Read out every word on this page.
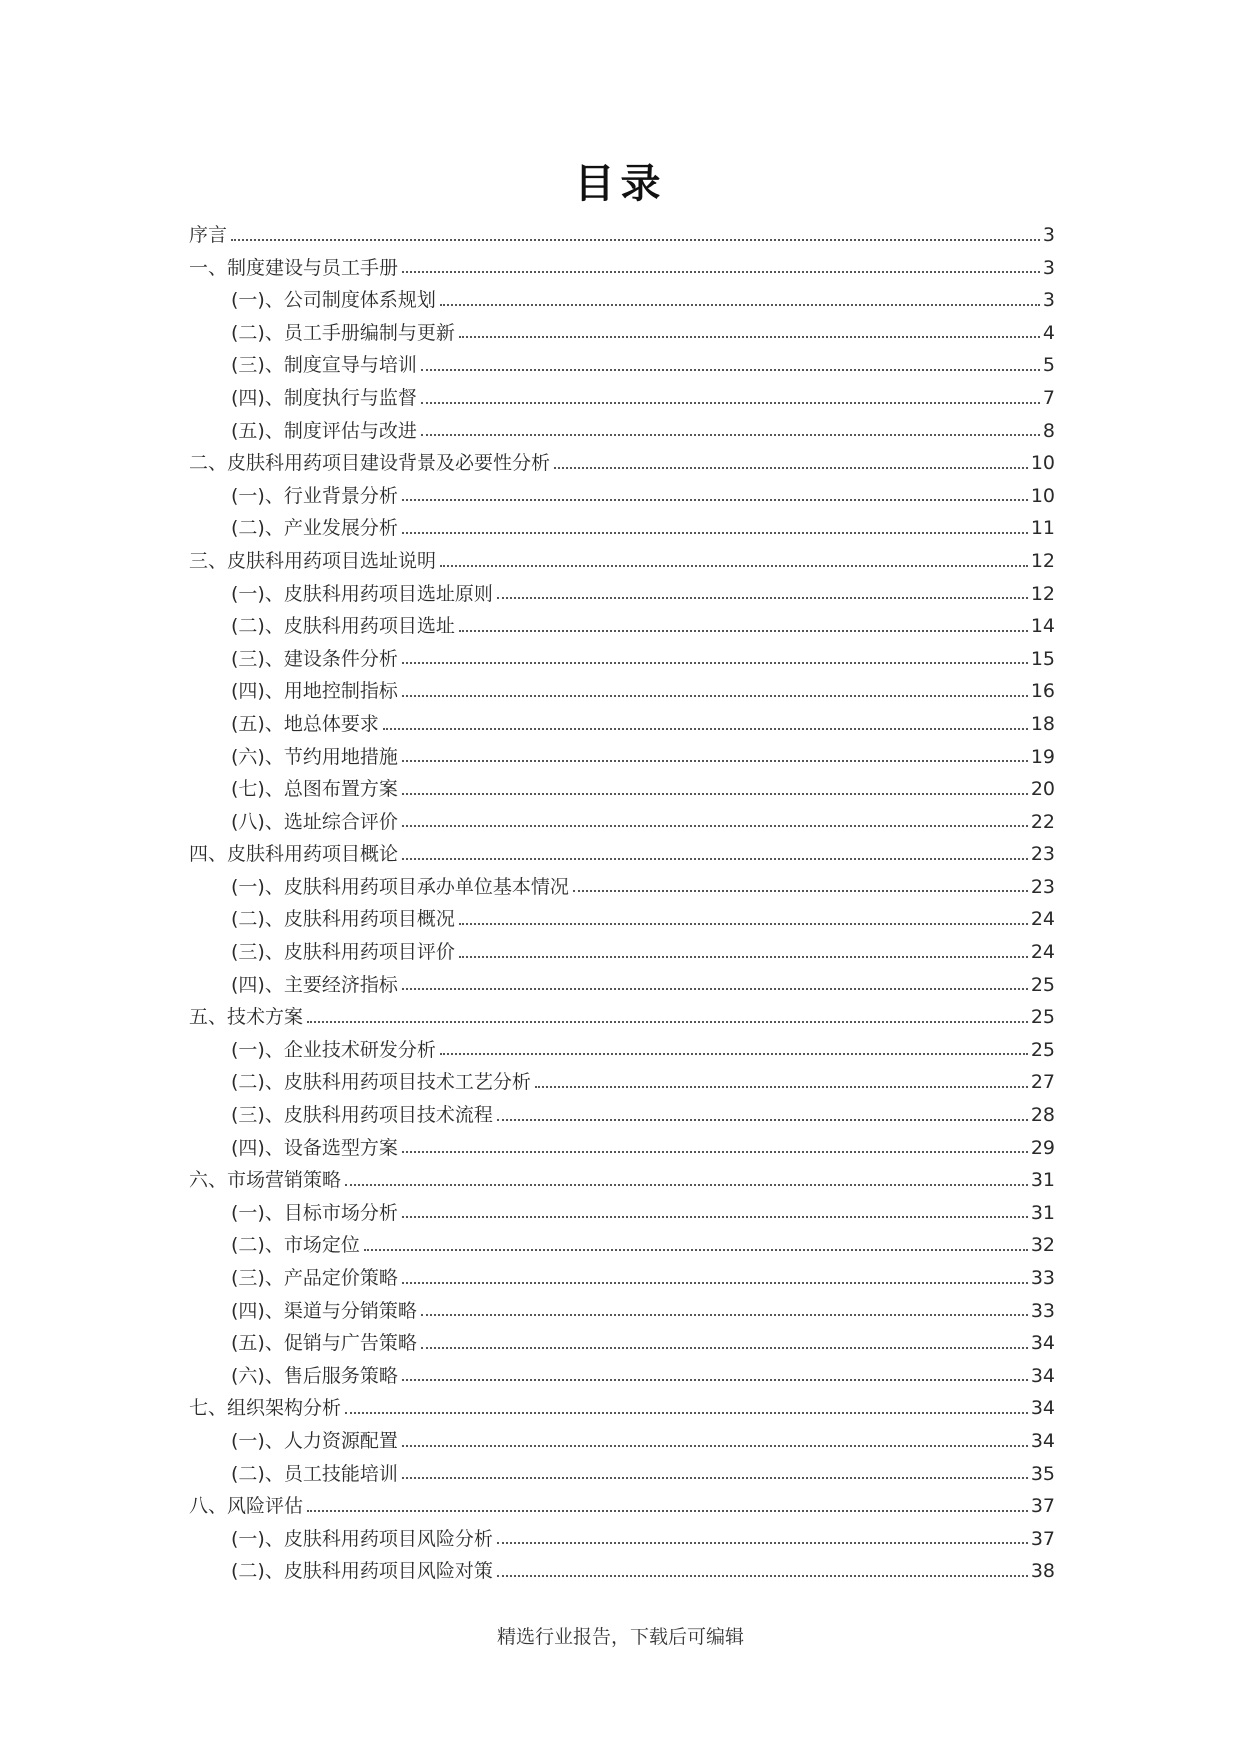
目录
序言	3
一、制度建设与员工手册	3
(一)、公司制度体系规划	3
(二)、员工手册编制与更新	4
(三)、制度宣导与培训	5
(四)、制度执行与监督	7
(五)、制度评估与改进	8
二、皮肤科用药项目建设背景及必要性分析	10
(一)、行业背景分析	10
(二)、产业发展分析	11
三、皮肤科用药项目选址说明	12
(一)、皮肤科用药项目选址原则	12
(二)、皮肤科用药项目选址	14
(三)、建设条件分析	15
(四)、用地控制指标	16
(五)、地总体要求	18
(六)、节约用地措施	19
(七)、总图布置方案	20
(八)、选址综合评价	22
四、皮肤科用药项目概论	23
(一)、皮肤科用药项目承办单位基本情况	23
(二)、皮肤科用药项目概况	24
(三)、皮肤科用药项目评价	24
(四)、主要经济指标	25
五、技术方案	25
(一)、企业技术研发分析	25
(二)、皮肤科用药项目技术工艺分析	27
(三)、皮肤科用药项目技术流程	28
(四)、设备选型方案	29
六、市场营销策略	31
(一)、目标市场分析	31
(二)、市场定位	32
(三)、产品定价策略	33
(四)、渠道与分销策略	33
(五)、促销与广告策略	34
(六)、售后服务策略	34
七、组织架构分析	34
(一)、人力资源配置	34
(二)、员工技能培训	35
八、风险评估	37
(一)、皮肤科用药项目风险分析	37
(二)、皮肤科用药项目风险对策	38
精选行业报告，下载后可编辑
